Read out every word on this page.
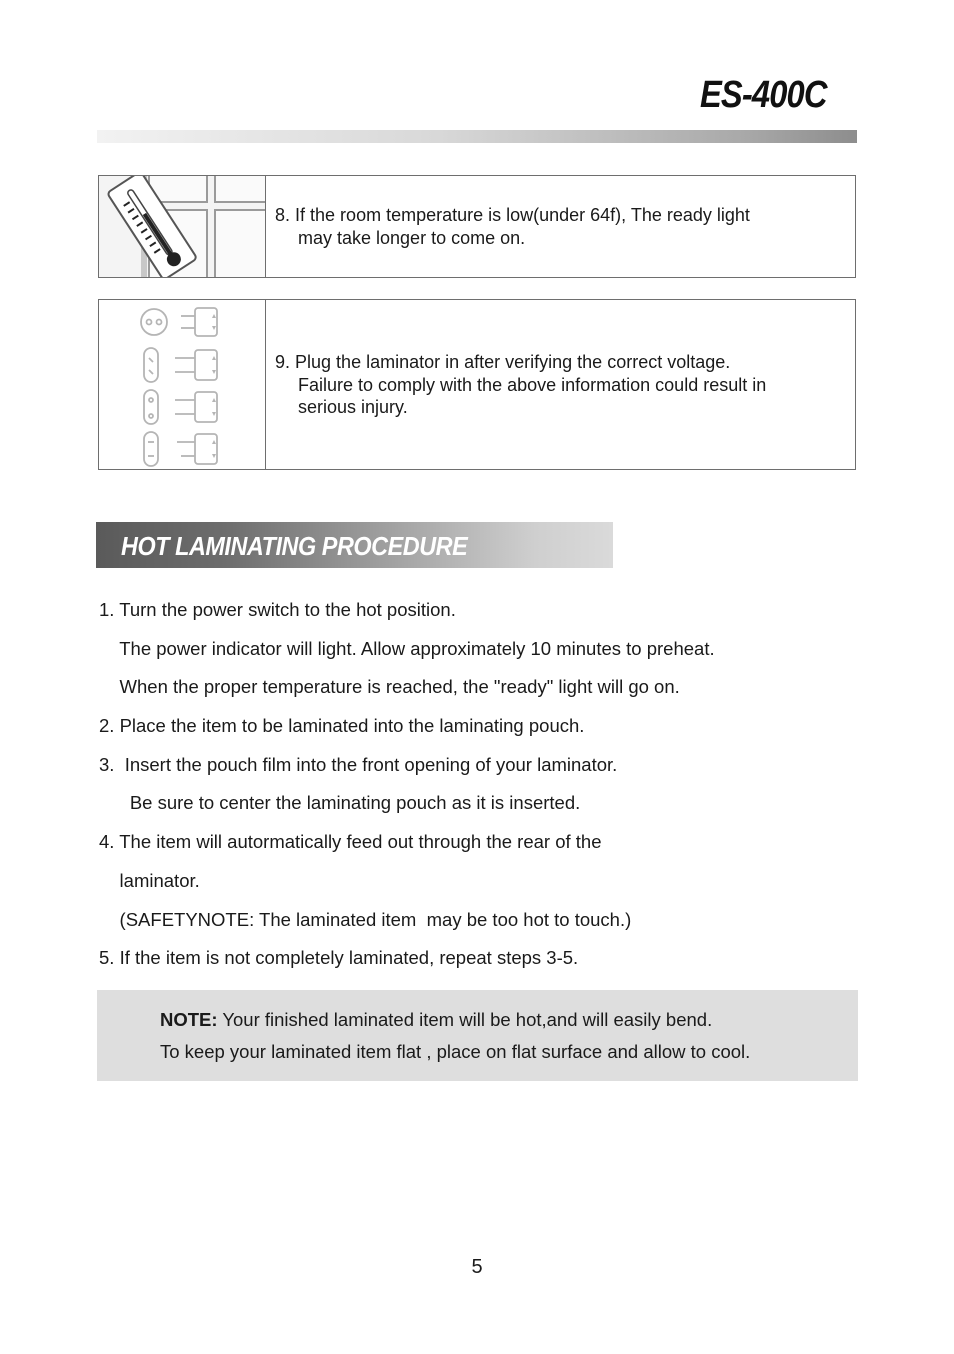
ES-400C

8. If the room temperature is low(under 64f), The ready light
may take longer to come on.

9. Plug the laminator in after verifying the correct voltage.
Failure to comply with the above information could result in
serious injury.

HOT LAMINATING PROCEDURE
1. Turn the power switch to the hot position.
The power indicator will light. Allow approximately 10 minutes to preheat.
When the proper temperature is reached, the "ready" light will go on.
2. Place the item to be laminated into the laminating pouch.
3.  Insert the pouch film into the front opening of your laminator.
Be sure to center the laminating pouch as it is inserted.
4. The item will autormatically feed out through the rear of the
laminator.
(SAFETYNOTE: The laminated item  may be too hot to touch.)
5. If the item is not completely laminated, repeat steps 3-5.
NOTE: Your finished laminated item will be hot,and will easily bend.
To keep your laminated item flat , place on flat surface and allow to cool.
5
